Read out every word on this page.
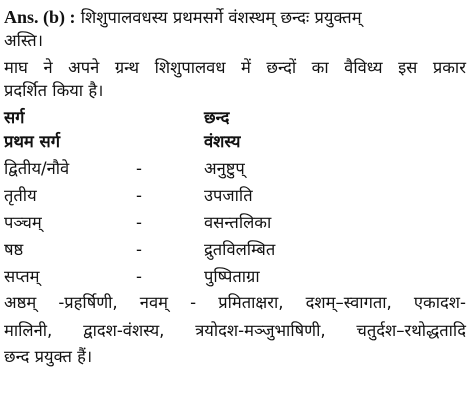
Ans. (b) : शिशुपालवधस्य प्रथमसर्गे वंशस्थम् छन्दः प्रयुक्तम्
अस्ति।
माघ ने अपने ग्रन्थ शिशुपालवध में छन्दों का वैविध्य इस प्रकार
प्रदर्शित किया है।
सर्ग	छन्द
प्रथम सर्ग	वंशस्य
द्वितीय/नौवे	-	अनुष्टुप्
तृतीय	-	उपजाति
पञ्चम्	-	वसन्तलिका
षष्ठ	-	द्रुतविलम्बित
सप्तम्	-	पुष्पिताग्रा
अष्ठम् -प्रहर्षिणी, नवम् - प्रमिताक्षरा, दशम्–स्वागता, एकादश-
मालिनी, द्वादश-वंशस्य, त्रयोदश-मञ्जुभाषिणी, चतुर्दश–रथोद्धतादि
छन्द प्रयुक्त हैं।
